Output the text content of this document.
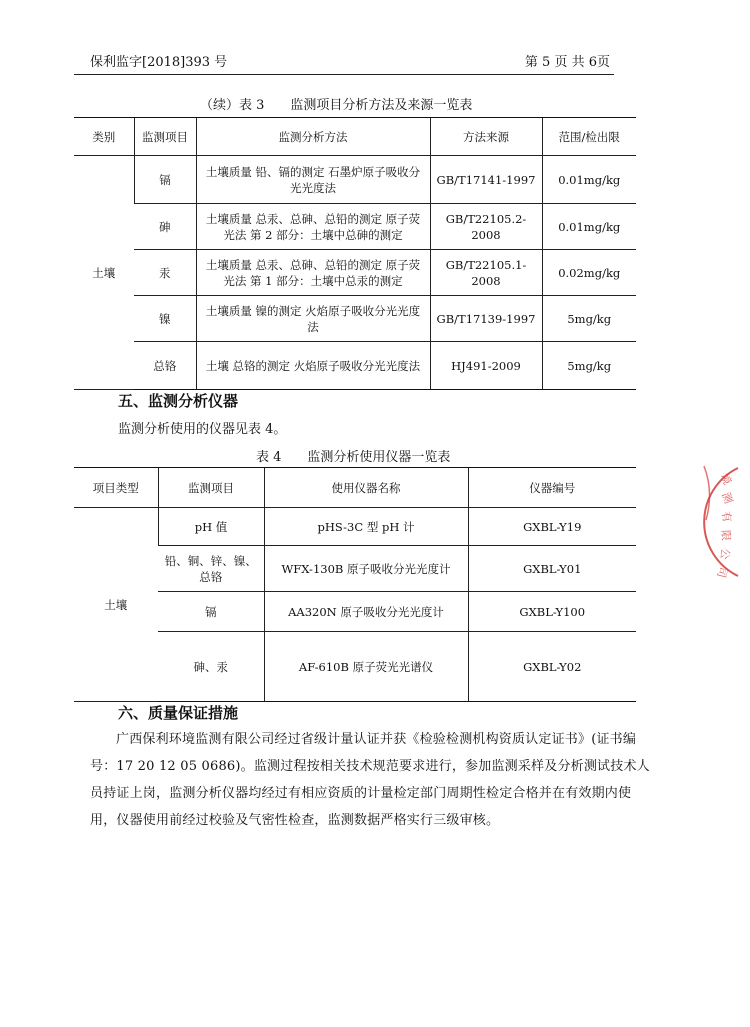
保利监字[2018]393 号	第 5 页 共 6页
（续）表 3　　监测项目分析方法及来源一览表
类别	监测项目	监测分析方法	方法来源	范围/检出限
土壤	镉	土壤质量 铅、镉的测定 石墨炉原子吸收分光光度法	GB/T17141-1997	0.01mg/kg
	砷	土壤质量 总汞、总砷、总铅的测定 原子荧光法 第 2 部分：土壤中总砷的测定	GB/T22105.2-2008	0.01mg/kg
	汞	土壤质量 总汞、总砷、总铅的测定 原子荧光法 第 1 部分：土壤中总汞的测定	GB/T22105.1-2008	0.02mg/kg
	镍	土壤质量 镍的测定 火焰原子吸收分光光度法	GB/T17139-1997	5mg/kg
	总铬	土壤 总铬的测定 火焰原子吸收分光光度法	HJ491-2009	5mg/kg
五、监测分析仪器
监测分析使用的仪器见表 4。
表 4　　监测分析使用仪器一览表
项目类型	监测项目	使用仪器名称	仪器编号
土壤	pH 值	pHS-3C 型 pH 计	GXBL-Y19
	铅、铜、锌、镍、总铬	WFX-130B 原子吸收分光光度计	GXBL-Y01
	镉	AA320N 原子吸收分光光度计	GXBL-Y100
	砷、汞	AF-610B 原子荧光光谱仪	GXBL-Y02
六、质量保证措施
广西保利环境监测有限公司经过省级计量认证并获《检验检测机构资质认定证书》(证书编号：17 20 12 05 0686)。监测过程按相关技术规范要求进行，参加监测采样及分析测试技术人员持证上岗，监测分析仪器均经过有相应资质的计量检定部门周期性检定合格并在有效期内使用，仪器使用前经过校验及气密性检查，监测数据严格实行三级审核。
境
测
有
限
公
司
